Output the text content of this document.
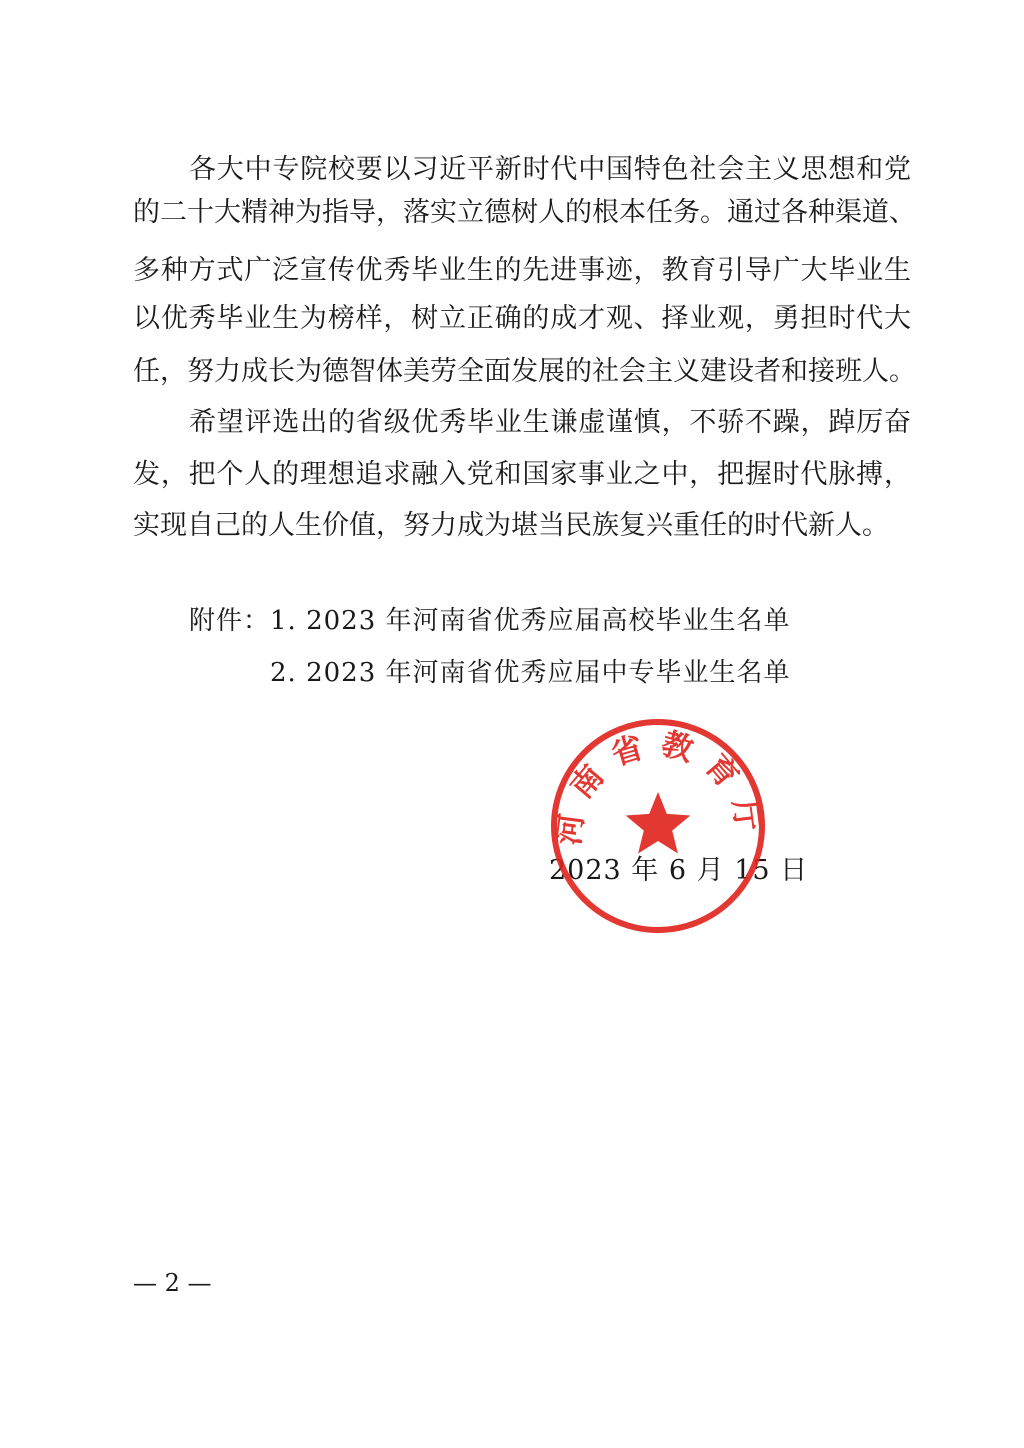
各大中专院校要以习近平新时代中国特色社会主义思想和党
的二十大精神为指导，落实立德树人的根本任务。通过各种渠道、
多种方式广泛宣传优秀毕业生的先进事迹，教育引导广大毕业生
以优秀毕业生为榜样，树立正确的成才观、择业观，勇担时代大
任，努力成长为德智体美劳全面发展的社会主义建设者和接班人。
希望评选出的省级优秀毕业生谦虚谨慎，不骄不躁，踔厉奋
发，把个人的理想追求融入党和国家事业之中，把握时代脉搏，
实现自己的人生价值，努力成为堪当民族复兴重任的时代新人。
附件： 1. 2023 年河南省优秀应届高校毕业生名单
2. 2023 年河南省优秀应届中专毕业生名单
2023 年 6 月 15 日
河南省教育厅
— 2 —
